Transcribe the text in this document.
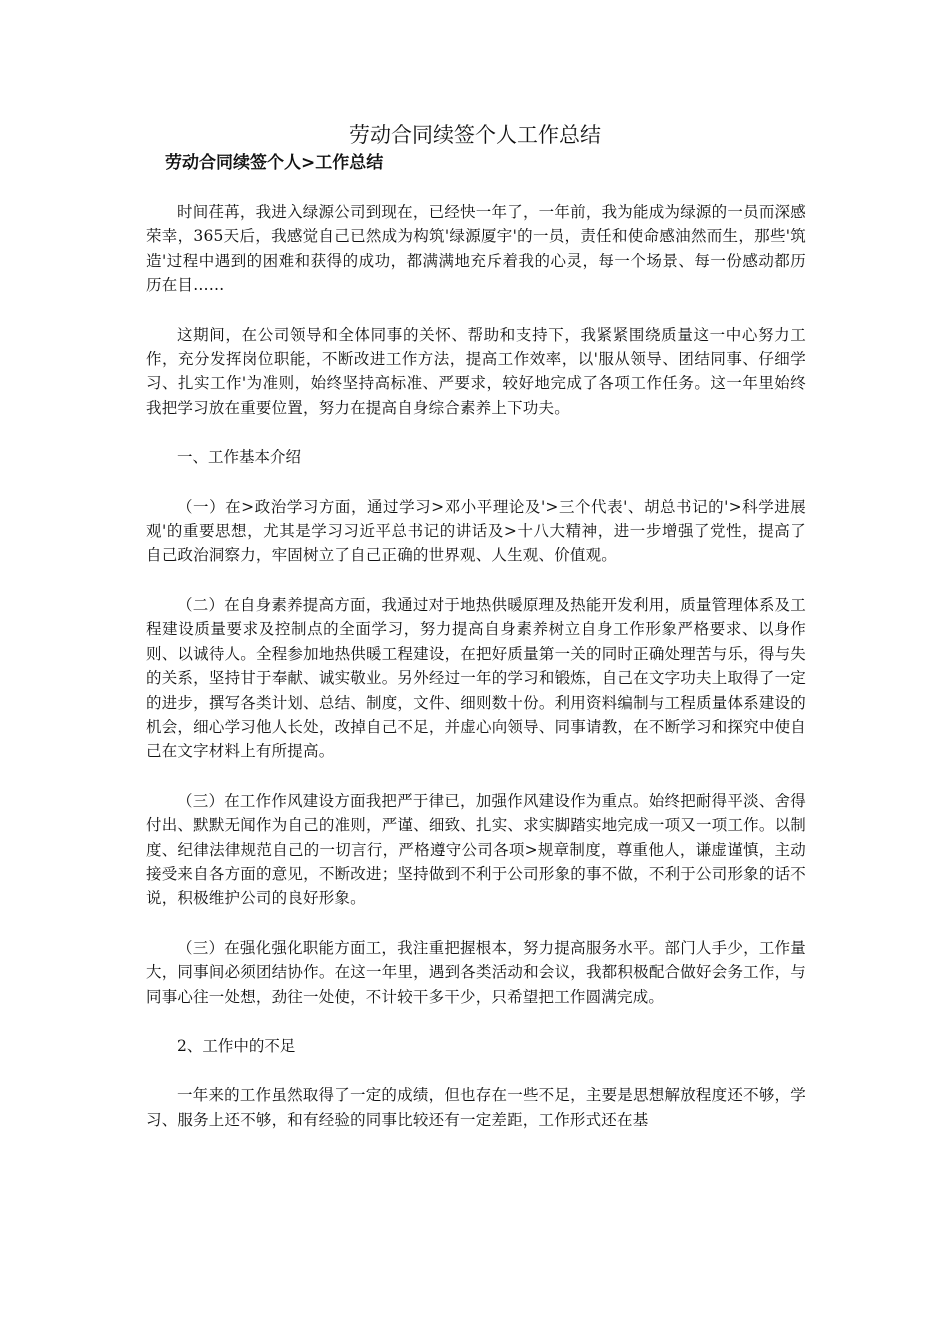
劳动合同续签个人工作总结
劳动合同续签个人>工作总结

时间荏苒，我进入绿源公司到现在，已经快一年了，一年前，我为能成为绿源的一员而深感荣幸，365天后，我感觉自己已然成为构筑'绿源厦宇'的一员，责任和使命感油然而生，那些'筑造'过程中遇到的困难和获得的成功，都满满地充斥着我的心灵，每一个场景、每一份感动都历历在目……

这期间，在公司领导和全体同事的关怀、帮助和支持下，我紧紧围绕质量这一中心努力工作，充分发挥岗位职能，不断改进工作方法，提高工作效率，以'服从领导、团结同事、仔细学习、扎实工作'为准则，始终坚持高标准、严要求，较好地完成了各项工作任务。这一年里始终我把学习放在重要位置，努力在提高自身综合素养上下功夫。

一、工作基本介绍

（一）在>政治学习方面，通过学习>邓小平理论及'>三个代表'、胡总书记的'>科学进展观'的重要思想，尤其是学习习近平总书记的讲话及>十八大精神，进一步增强了党性，提高了自己政治洞察力，牢固树立了自己正确的世界观、人生观、价值观。

（二）在自身素养提高方面，我通过对于地热供暖原理及热能开发利用，质量管理体系及工程建设质量要求及控制点的全面学习，努力提高自身素养树立自身工作形象严格要求、以身作则、以诚待人。全程参加地热供暖工程建设，在把好质量第一关的同时正确处理苦与乐，得与失的关系，坚持甘于奉献、诚实敬业。另外经过一年的学习和锻炼，自己在文字功夫上取得了一定的进步，撰写各类计划、总结、制度，文件、细则数十份。利用资料编制与工程质量体系建设的机会，细心学习他人长处，改掉自己不足，并虚心向领导、同事请教，在不断学习和探究中使自己在文字材料上有所提高。

（三）在工作作风建设方面我把严于律已，加强作风建设作为重点。始终把耐得平淡、舍得付出、默默无闻作为自己的准则，严谨、细致、扎实、求实脚踏实地完成一项又一项工作。以制度、纪律法律规范自己的一切言行，严格遵守公司各项>规章制度，尊重他人，谦虚谨慎，主动接受来自各方面的意见，不断改进；坚持做到不利于公司形象的事不做，不利于公司形象的话不说，积极维护公司的良好形象。

（三）在强化强化职能方面工，我注重把握根本，努力提高服务水平。部门人手少，工作量大，同事间必须团结协作。在这一年里，遇到各类活动和会议，我都积极配合做好会务工作，与同事心往一处想，劲往一处使，不计较干多干少，只希望把工作圆满完成。

2、工作中的不足

一年来的工作虽然取得了一定的成绩，但也存在一些不足，主要是思想解放程度还不够，学习、服务上还不够，和有经验的同事比较还有一定差距，工作形式还在基
